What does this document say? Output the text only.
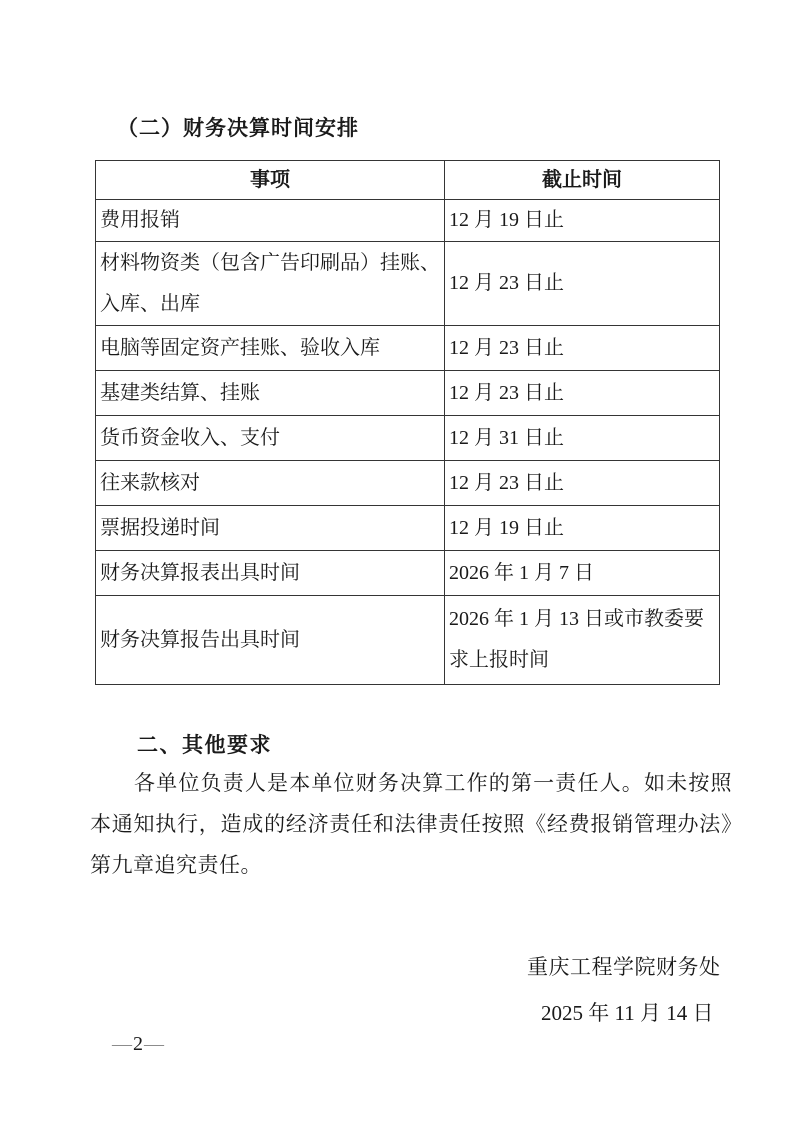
（二）财务决算时间安排
事项	截止时间
费用报销	12 月 19 日止
材料物资类（包含广告印刷品）挂账、入库、出库	12 月 23 日止
电脑等固定资产挂账、验收入库	12 月 23 日止
基建类结算、挂账	12 月 23 日止
货币资金收入、支付	12 月 31 日止
往来款核对	12 月 23 日止
票据投递时间	12 月 19 日止
财务决算报表出具时间	2026 年 1 月 7 日
财务决算报告出具时间	2026 年 1 月 13 日或市教委要求上报时间
二、其他要求
各单位负责人是本单位财务决算工作的第一责任人。如未按照本通知执行，造成的经济责任和法律责任按照《经费报销管理办法》第九章追究责任。
重庆工程学院财务处
2025 年 11 月 14 日
—2—
